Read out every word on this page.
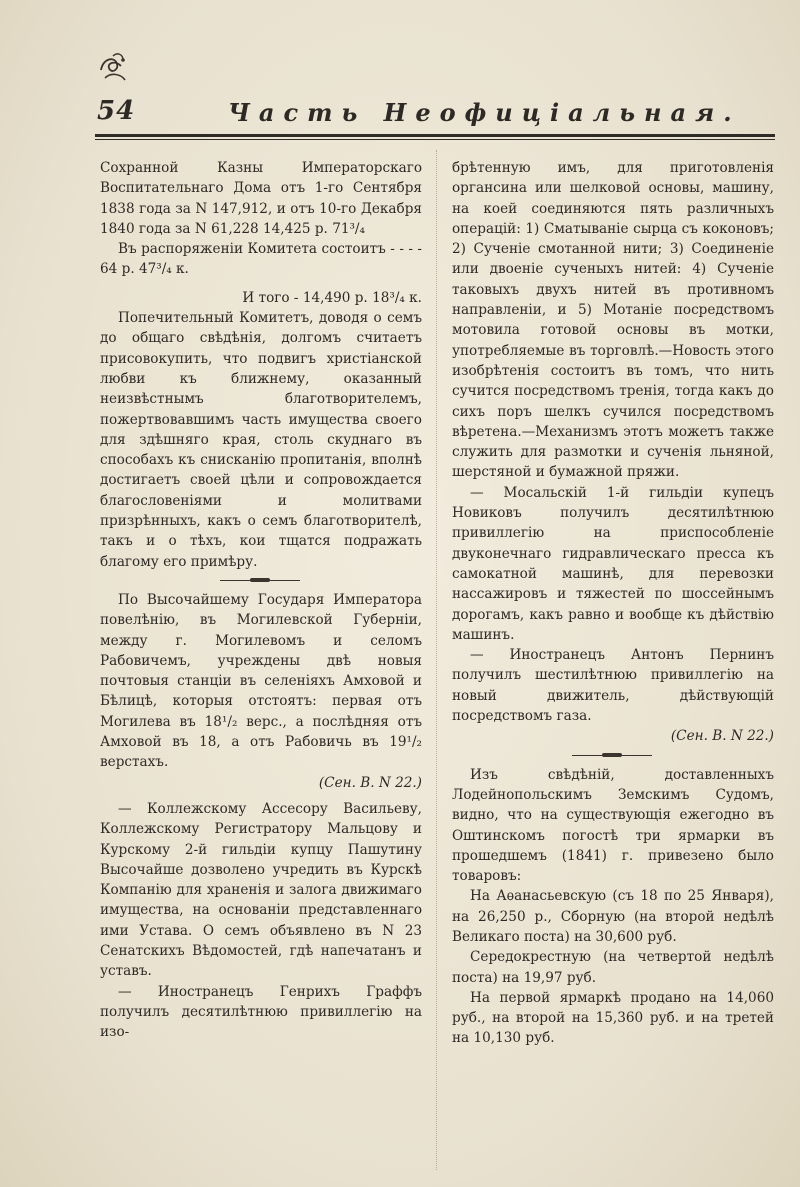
54	Часть Неофиціальная.

Сохранной Казны Императорскаго Воспитательнаго Дома отъ 1-го Сентября 1838 года за N 147,912, и отъ 10-го Декабря 1840 года за N 61,228 14,425 р. 71³/₄

Въ распоряженіи Комитета состоитъ - - - - 64 р. 47³/₄ к.

И того - 14,490 р. 18³/₄ к.

Попечительный Комитетъ, доводя о семъ до общаго свѣдѣнія, долгомъ считаетъ присовокупить, что подвигъ христіанской любви къ ближнему, оказанный неизвѣстнымъ благотворителемъ, пожертвовавшимъ часть имущества своего для здѣшняго края, столь скуднаго въ способахъ къ снисканію пропитанія, вполнѣ достигаетъ своей цѣли и сопровождается благословеніями и молитвами призрѣнныхъ, какъ о семъ благотворителѣ, такъ и о тѣхъ, кои тщатся подражать благому его примѣру.

По Высочайшему Государя Императора повелѣнію, въ Могилевской Губерніи, между г. Могилевомъ и селомъ Рабовичемъ, учреждены двѣ новыя почтовыя станціи въ селеніяхъ Амховой и Бѣлицѣ, которыя отстоятъ: первая отъ Могилева въ 18¹/₂ верс., а послѣдняя отъ Амховой въ 18, а отъ Рабовичь въ 19¹/₂ верстахъ.

(Сен. В. N 22.)

— Коллежскому Ассесору Васильеву, Коллежскому Регистратору Мальцову и Курскому 2-й гильдіи купцу Пашутину Высочайше дозволено учредить въ Курскѣ Компанію для храненія и залога движимаго имущества, на основаніи представленнаго ими Устава. О семъ объявлено въ N 23 Сенатскихъ Вѣдомостей, гдѣ напечатанъ и уставъ.

— Иностранецъ Генрихъ Граффъ получилъ десятилѣтнюю привиллегію на изо-

брѣтенную имъ, для приготовленія органсина или шелковой основы, машину, на коей соединяются пять различныхъ операцій: 1) Сматываніе сырца съ коконовъ; 2) Сученіе смотанной нити; 3) Соединеніе или двоеніе сученыхъ нитей: 4) Сученіе таковыхъ двухъ нитей въ противномъ направленіи, и 5) Мотаніе посредствомъ мотовила готовой основы въ мотки, употребляемые въ торговлѣ.—Новость этого изобрѣтенія состоитъ въ томъ, что нить сучится посредствомъ тренія, тогда какъ до сихъ поръ шелкъ сучился посредствомъ вѣретена.—Механизмъ этотъ можетъ также служить для размотки и сученія льняной, шерстяной и бумажной пряжи.

— Мосальскій 1-й гильдіи купецъ Новиковъ получилъ десятилѣтнюю привиллегію на приспособленіе двуконечнаго гидравлическаго пресса къ самокатной машинѣ, для перевозки нассажировъ и тяжестей по шоссейнымъ дорогамъ, какъ равно и вообще къ дѣйствію машинъ.

— Иностранецъ Антонъ Пернинъ получилъ шестилѣтнюю привиллегію на новый движитель, дѣйствующій посредствомъ газа.

(Сен. В. N 22.)

Изъ свѣдѣній, доставленныхъ Лодейнопольскимъ Земскимъ Судомъ, видно, что на существующія ежегодно въ Оштинскомъ погостѣ три ярмарки въ прошедшемъ (1841) г. привезено было товаровъ:

На Аѳанасьевскую (съ 18 по 25 Января), на 26,250 р., Сборную (на второй недѣлѣ Великаго поста) на 30,600 руб.

Середокрестную (на четвертой недѣлѣ поста) на 19,97 руб.

На первой ярмаркѣ продано на 14,060 руб., на второй на 15,360 руб. и на третей на 10,130 руб.
